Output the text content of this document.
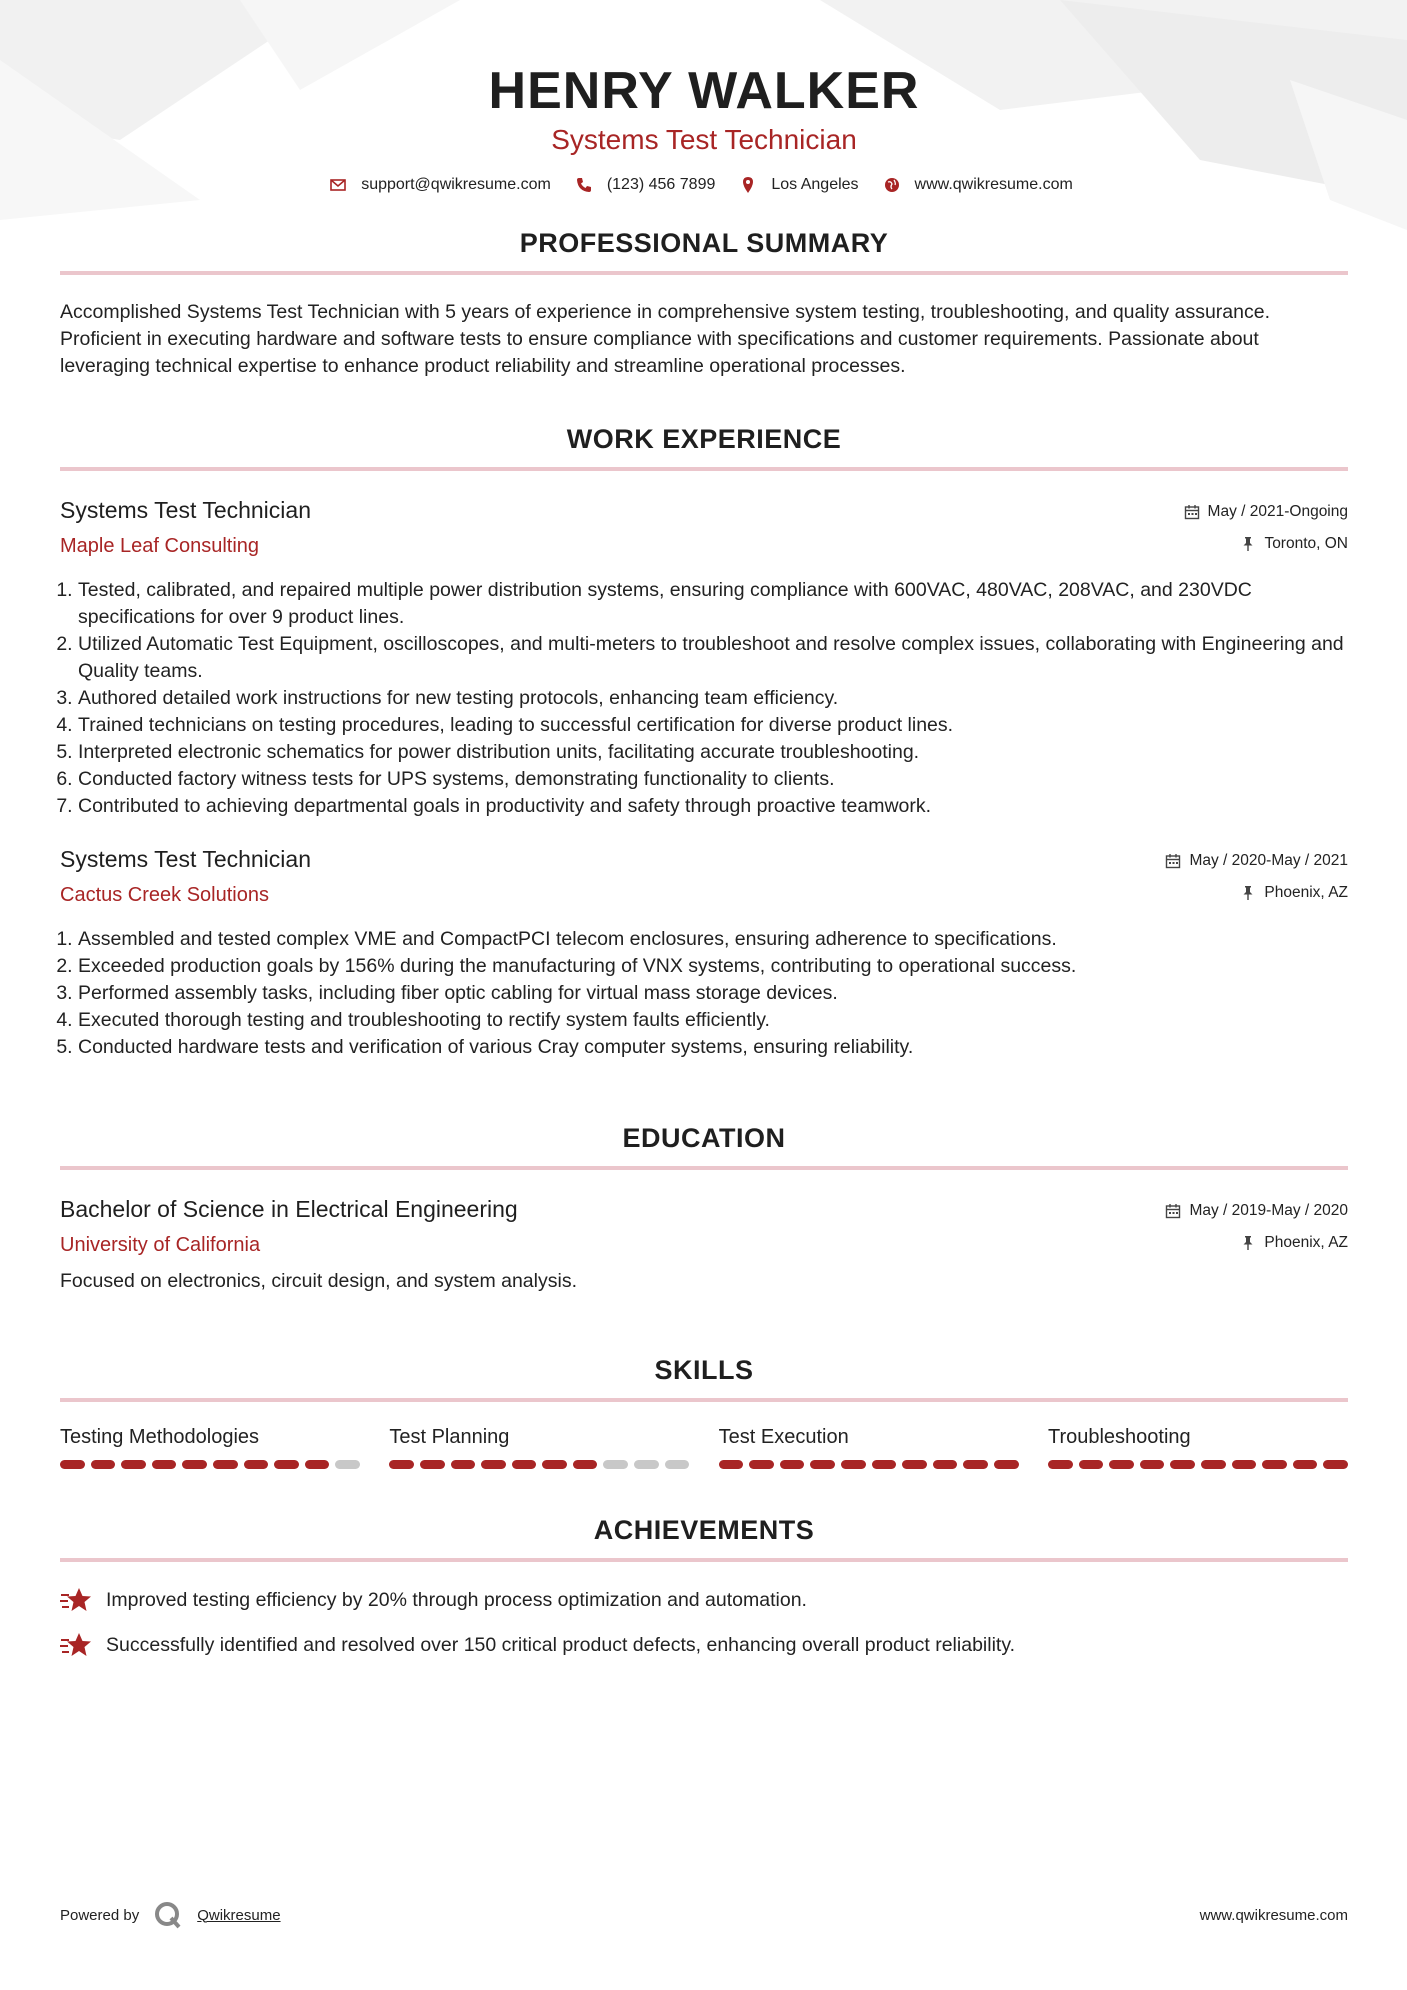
HENRY WALKER
Systems Test Technician
support@qwikresume.com	(123) 456 7899	Los Angeles	www.qwikresume.com
PROFESSIONAL SUMMARY

Accomplished Systems Test Technician with 5 years of experience in comprehensive system testing, troubleshooting, and quality assurance. Proficient in executing hardware and software tests to ensure compliance with specifications and customer requirements. Passionate about leveraging technical expertise to enhance product reliability and streamline operational processes.

WORK EXPERIENCE
Systems Test Technician
Maple Leaf Consulting
May / 2021-Ongoing
Toronto, ON
1. Tested, calibrated, and repaired multiple power distribution systems, ensuring compliance with 600VAC, 480VAC, 208VAC, and 230VDC specifications for over 9 product lines.
2. Utilized Automatic Test Equipment, oscilloscopes, and multi-meters to troubleshoot and resolve complex issues, collaborating with Engineering and Quality teams.
3. Authored detailed work instructions for new testing protocols, enhancing team efficiency.
4. Trained technicians on testing procedures, leading to successful certification for diverse product lines.
5. Interpreted electronic schematics for power distribution units, facilitating accurate troubleshooting.
6. Conducted factory witness tests for UPS systems, demonstrating functionality to clients.
7. Contributed to achieving departmental goals in productivity and safety through proactive teamwork.
Systems Test Technician
Cactus Creek Solutions
May / 2020-May / 2021
Phoenix, AZ
1. Assembled and tested complex VME and CompactPCI telecom enclosures, ensuring adherence to specifications.
2. Exceeded production goals by 156% during the manufacturing of VNX systems, contributing to operational success.
3. Performed assembly tasks, including fiber optic cabling for virtual mass storage devices.
4. Executed thorough testing and troubleshooting to rectify system faults efficiently.
5. Conducted hardware tests and verification of various Cray computer systems, ensuring reliability.
EDUCATION
Bachelor of Science in Electrical Engineering
University of California
May / 2019-May / 2020
Phoenix, AZ

Focused on electronics, circuit design, and system analysis.

SKILLS
Testing Methodologies	Test Planning	Test Execution	Troubleshooting
ACHIEVEMENTS
Improved testing efficiency by 20% through process optimization and automation.
Successfully identified and resolved over 150 critical product defects, enhancing overall product reliability.
Powered by	Qwikresume	www.qwikresume.com
